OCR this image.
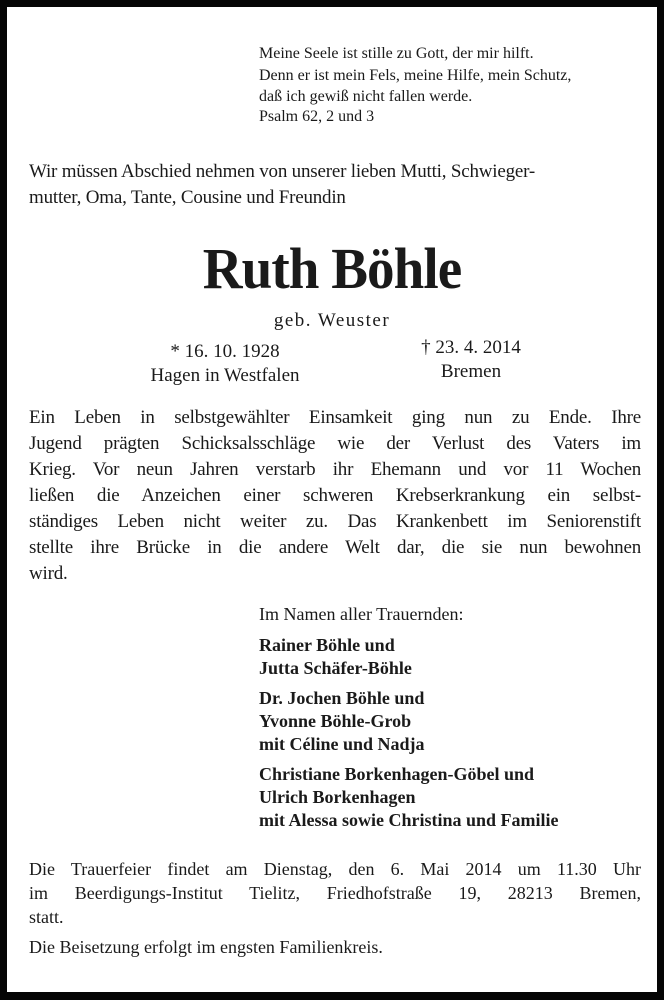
Meine Seele ist stille zu Gott, der mir hilft.
Denn er ist mein Fels, meine Hilfe, mein Schutz,
daß ich gewiß nicht fallen werde.
Psalm 62, 2 und 3
Wir müssen Abschied nehmen von unserer lieben Mutti, Schwieger-
mutter, Oma, Tante, Cousine und Freundin
Ruth Böhle
geb. Weuster
* 16. 10. 1928
Hagen in Westfalen
† 23. 4. 2014
Bremen
Ein Leben in selbstgewählter Einsamkeit ging nun zu Ende. Ihre
Jugend prägten Schicksalsschläge wie der Verlust des Vaters im
Krieg. Vor neun Jahren verstarb ihr Ehemann und vor 11 Wochen
ließen die Anzeichen einer schweren Krebserkrankung ein selbst-
ständiges Leben nicht weiter zu. Das Krankenbett im Seniorenstift
stellte ihre Brücke in die andere Welt dar, die sie nun bewohnen
wird.
Im Namen aller Trauernden:
Rainer Böhle und
Jutta Schäfer-Böhle
Dr. Jochen Böhle und
Yvonne Böhle-Grob
mit Céline und Nadja
Christiane Borkenhagen-Göbel und
Ulrich Borkenhagen
mit Alessa sowie Christina und Familie
Die Trauerfeier findet am Dienstag, den 6. Mai 2014 um 11.30 Uhr
im Beerdigungs-Institut Tielitz, Friedhofstraße 19, 28213 Bremen,
statt.
Die Beisetzung erfolgt im engsten Familienkreis.
